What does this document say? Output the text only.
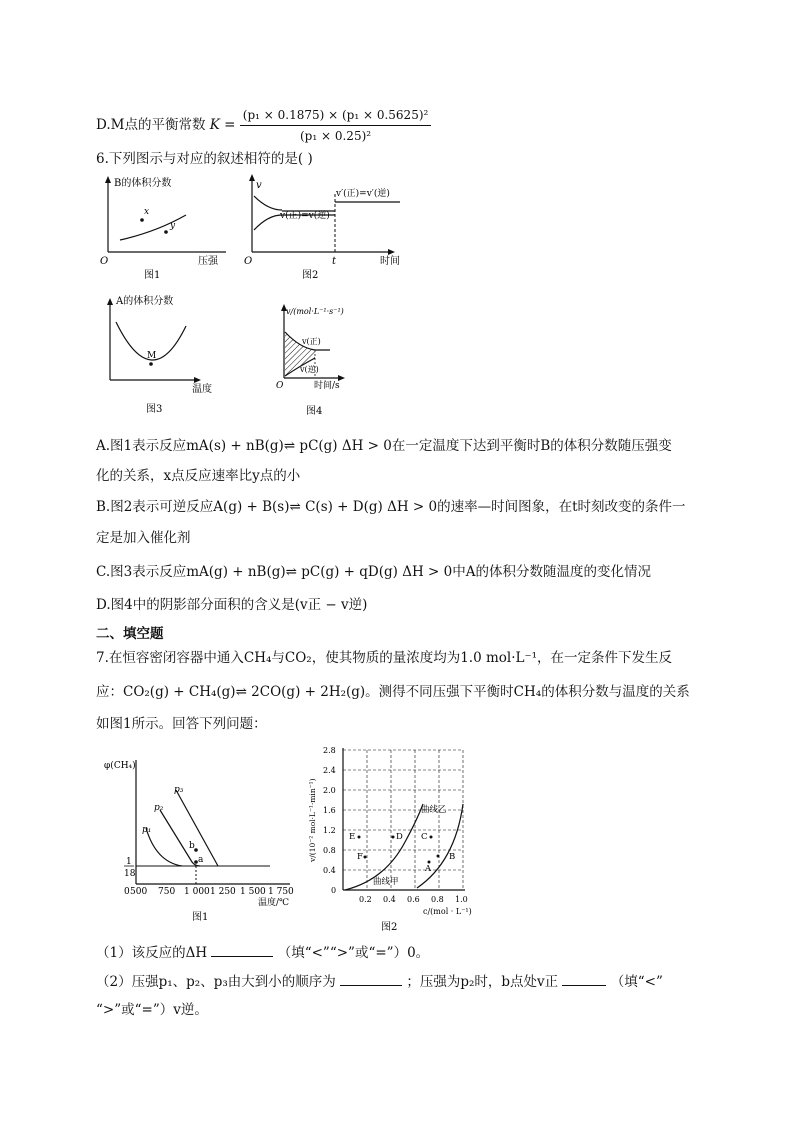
D.M点的平衡常数 $K = \frac{\text{(p₁ × 0.1875) × (p₁ × 0.5625)²}}{\text{(p₁ × 0.25)²}}$
6.下列图示与对应的叙述相符的是( )
B的体积分数
x
y
O	压强
图1
v
v(正)=v(逆)
v′(正)=v′(逆)
O	t	时间
图2
A的体积分数
M
温度
图3
v/(mol·L⁻¹·s⁻¹)
v(正)
v(逆)
O	时间/s
图4
A.图1表示反应mA(s) + nB(g)⇌ pC(g) ΔH > 0在一定温度下达到平衡时B的体积分数随压强变
化的关系，x点反应速率比y点的小
B.图2表示可逆反应A(g) + B(s)⇌ C(s) + D(g) ΔH > 0的速率—时间图象，在t时刻改变的条件一
定是加入催化剂
C.图3表示反应mA(g) + nB(g)⇌ pC(g) + qD(g) ΔH > 0中A的体积分数随温度的变化情况
D.图4中的阴影部分面积的含义是(v正 − v逆)
二、填空题
7.在恒容密闭容器中通入CH₄与CO₂，使其物质的量浓度均为1.0 mol·L⁻¹，在一定条件下发生反
应：CO₂(g) + CH₄(g)⇌ 2CO(g) + 2H₂(g)。测得不同压强下平衡时CH₄的体积分数与温度的关系
如图1所示。回答下列问题：
φ(CH₄)
p₁
p₂
p₃
b
a
1
18
0 500 750 1 000 1 250 1 500 1 750
温度/℃
图1
2.8
2.4
2.0
1.6
1.2
0.8
0.4
0
v/(10⁻² mol·L⁻¹·min⁻¹)
0.2 0.4 0.6 0.8 1.0
c/(mol · L⁻¹)
曲线乙
曲线甲
E	D C
F	B
A
图2
（1）该反应的ΔH	（填“<”“>”或“=”）0。
（2）压强p₁、p₂、p₃由大到小的顺序为	；压强为p₂时，b点处v正	（填“<”
“>”或“=”）v逆。
